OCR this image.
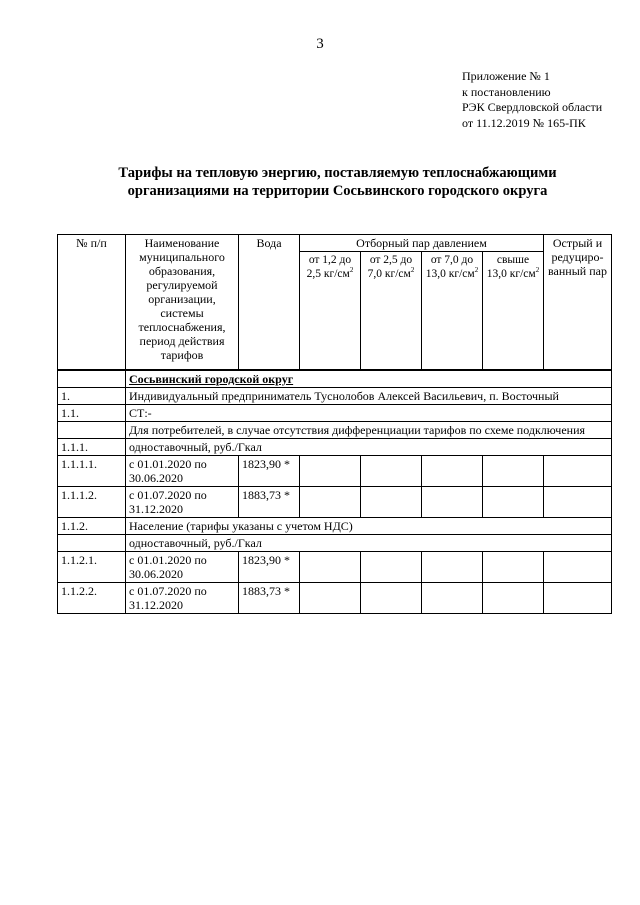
3
Приложение № 1
к постановлению
РЭК Свердловской области
от 11.12.2019 № 165-ПК
Тарифы на тепловую энергию, поставляемую теплоснабжающими
организациями на территории Сосьвинского городского округа
№ п/п	Наименование муниципального образования, регулируемой организации, системы теплоснабжения, период действия тарифов	Вода	Отборный пар давлением				Острый и редуциро-ванный пар
			от 1,2 до 2,5 $кг/см^2$	от 2,5 до 7,0 $кг/см^2$	от 7,0 до 13,0 $кг/см^2$	свыше 13,0 $кг/см^2$
	Сосьвинский городской округ						
1.	Индивидуальный предприниматель Туснолобов Алексей Васильевич, п. Восточный						
1.1.	СТ:-						
	Для потребителей, в случае отсутствия дифференциации тарифов по схеме подключения						
1.1.1.	одноставочный, руб./Гкал						
1.1.1.1.	с 01.01.2020 по 30.06.2020	1823,90 *					
1.1.1.2.	с 01.07.2020 по 31.12.2020	1883,73 *					
1.1.2.	Население (тарифы указаны с учетом НДС)						
	одноставочный, руб./Гкал						
1.1.2.1.	с 01.01.2020 по 30.06.2020	1823,90 *					
1.1.2.2.	с 01.07.2020 по 31.12.2020	1883,73 *					
